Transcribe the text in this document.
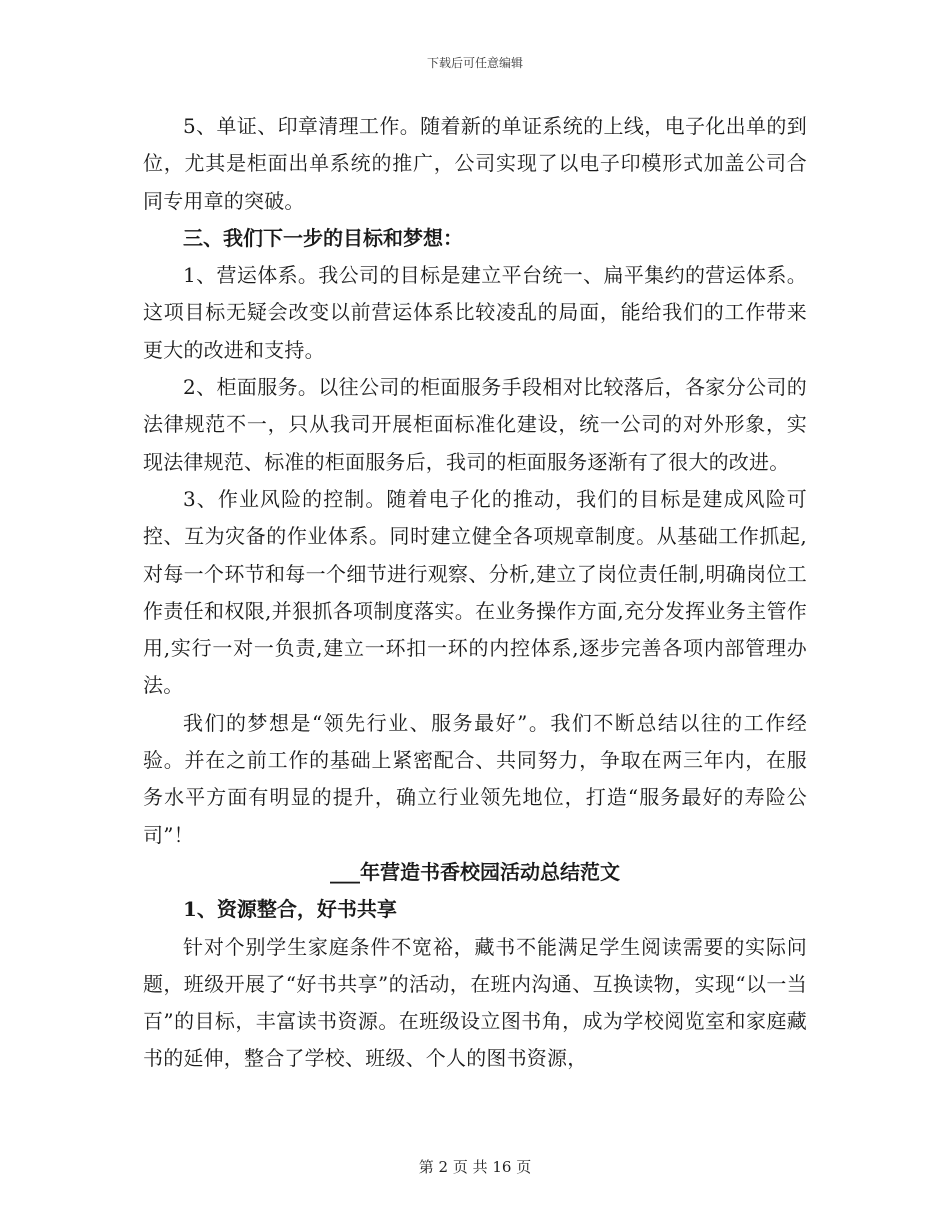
下载后可任意编辑

5、单证、印章清理工作。随着新的单证系统的上线，电子化出单的到位，尤其是柜面出单系统的推广，公司实现了以电子印模形式加盖公司合同专用章的突破。

三、我们下一步的目标和梦想：

1、营运体系。我公司的目标是建立平台统一、扁平集约的营运体系。这项目标无疑会改变以前营运体系比较凌乱的局面，能给我们的工作带来更大的改进和支持。

2、柜面服务。以往公司的柜面服务手段相对比较落后，各家分公司的法律规范不一，只从我司开展柜面标准化建设，统一公司的对外形象，实现法律规范、标准的柜面服务后，我司的柜面服务逐渐有了很大的改进。

3、作业风险的控制。随着电子化的推动，我们的目标是建成风险可控、互为灾备的作业体系。同时建立健全各项规章制度。从基础工作抓起,对每一个环节和每一个细节进行观察、分析,建立了岗位责任制,明确岗位工作责任和权限,并狠抓各项制度落实。在业务操作方面,充分发挥业务主管作用,实行一对一负责,建立一环扣一环的内控体系,逐步完善各项内部管理办法。

我们的梦想是“领先行业、服务最好”。我们不断总结以往的工作经验。并在之前工作的基础上紧密配合、共同努力，争取在两三年内，在服务水平方面有明显的提升，确立行业领先地位，打造“服务最好的寿险公司”！

___年营造书香校园活动总结范文

1、资源整合，好书共享

针对个别学生家庭条件不宽裕，藏书不能满足学生阅读需要的实际问题，班级开展了“好书共享”的活动，在班内沟通、互换读物，实现“以一当百”的目标，丰富读书资源。在班级设立图书角，成为学校阅览室和家庭藏书的延伸，整合了学校、班级、个人的图书资源，

第 2 页 共 16 页
